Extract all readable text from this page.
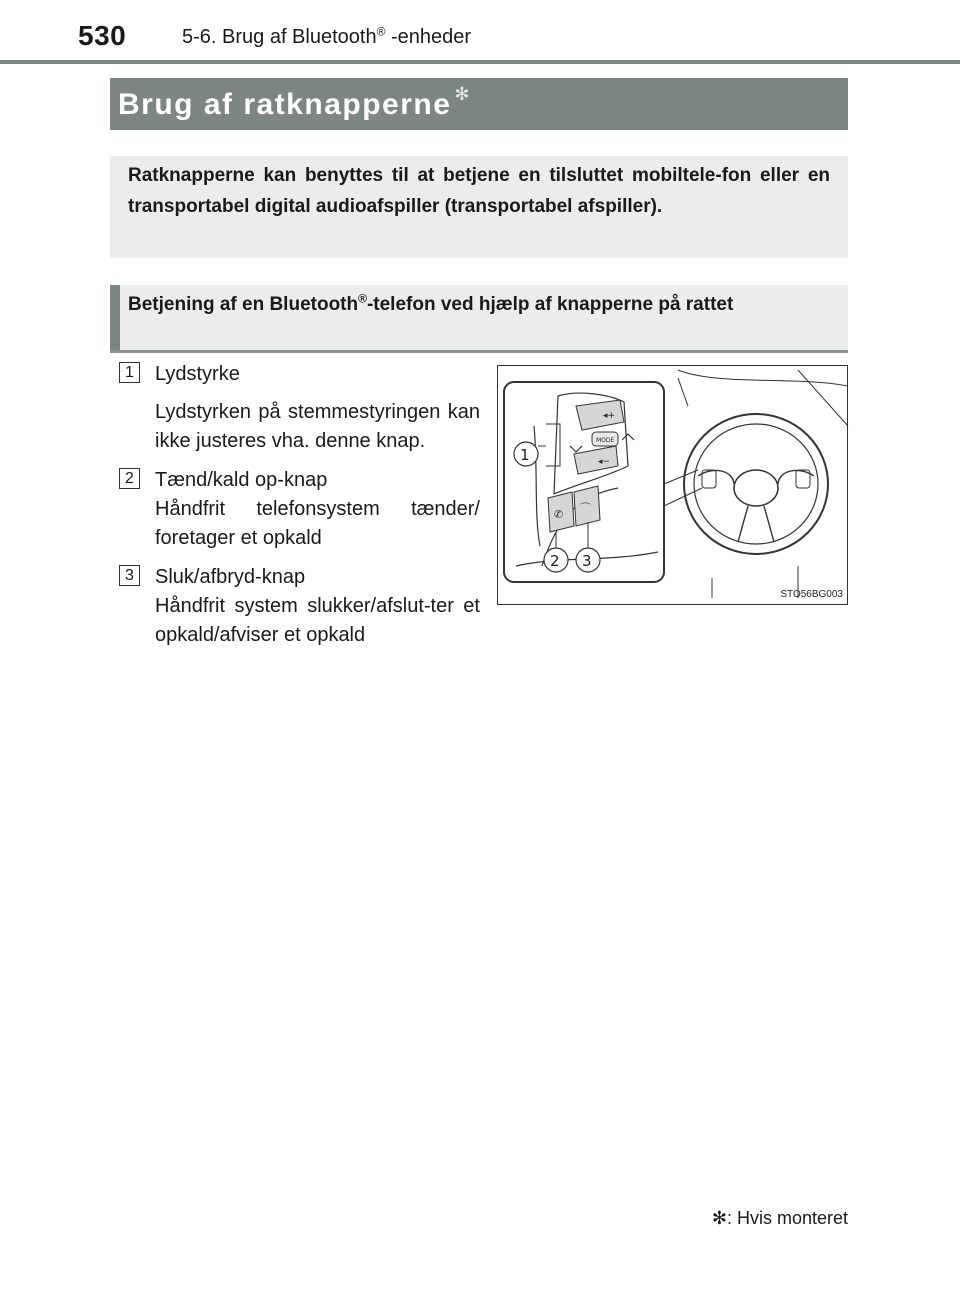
530	5-6. Brug af Bluetooth® -enheder
Brug af ratknapperne ✻

Ratknapperne kan benyttes til at betjene en tilsluttet mobiltele-fon eller en transportabel digital audioafspiller (transportabel afspiller).

Betjening af en Bluetooth®-telefon ved hjælp af knapperne på rattet

1	Lydstyrke
Lydstyrken på stemmestyringen kan ikke justeres vha. denne knap.
2	Tænd/kald op-knap
Håndfrit telefonsystem tænder/ foretager et opkald
3	Sluk/afbryd-knap
Håndfrit system slukker/afslut-ter et opkald/afviser et opkald
◂+
◂−
MODE
✆ ⌒
1
2 3
STO56BG003
✻: Hvis monteret
